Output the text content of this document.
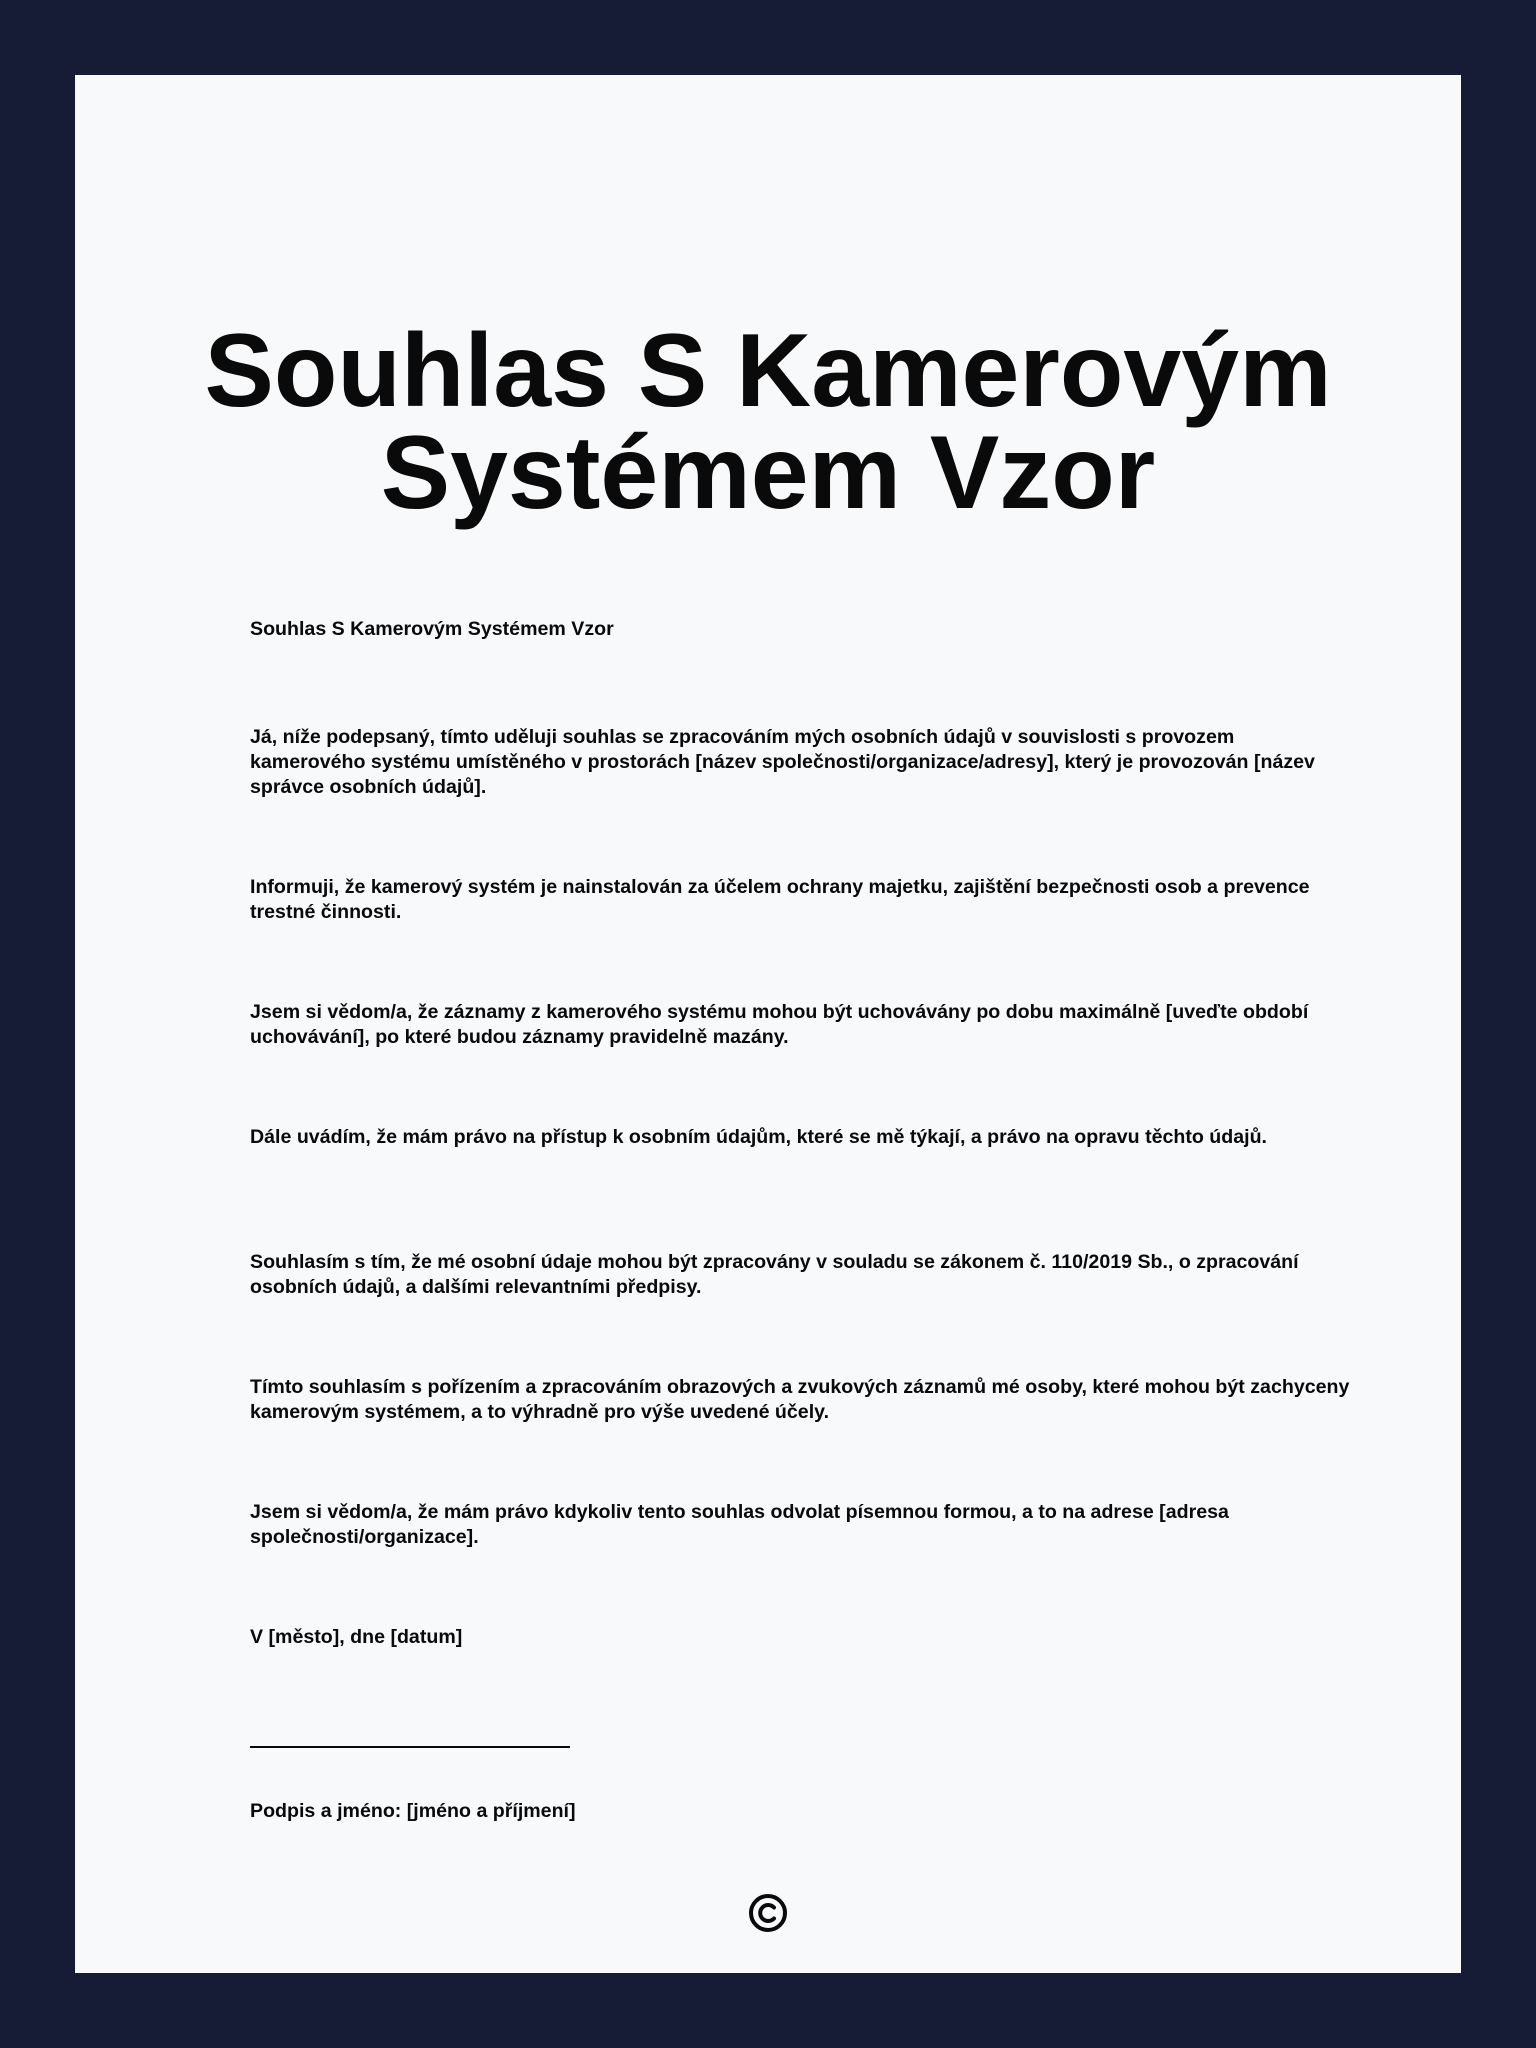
Souhlas S Kamerovým Systémem Vzor

Souhlas S Kamerovým Systémem Vzor

Já, níže podepsaný, tímto uděluji souhlas se zpracováním mých osobních údajů v souvislosti s provozem kamerového systému umístěného v prostorách [název společnosti/organizace/adresy], který je provozován [název správce osobních údajů].

Informuji, že kamerový systém je nainstalován za účelem ochrany majetku, zajištění bezpečnosti osob a prevence trestné činnosti.

Jsem si vědom/a, že záznamy z kamerového systému mohou být uchovávány po dobu maximálně [uveďte období uchovávání], po které budou záznamy pravidelně mazány.

Dále uvádím, že mám právo na přístup k osobním údajům, které se mě týkají, a právo na opravu těchto údajů.

Souhlasím s tím, že mé osobní údaje mohou být zpracovány v souladu se zákonem č. 110/2019 Sb., o zpracování osobních údajů, a dalšími relevantními předpisy.

Tímto souhlasím s pořízením a zpracováním obrazových a zvukových záznamů mé osoby, které mohou být zachyceny kamerovým systémem, a to výhradně pro výše uvedené účely.

Jsem si vědom/a, že mám právo kdykoliv tento souhlas odvolat písemnou formou, a to na adrese [adresa společnosti/organizace].

V [město], dne [datum]

Podpis a jméno: [jméno a příjmení]
